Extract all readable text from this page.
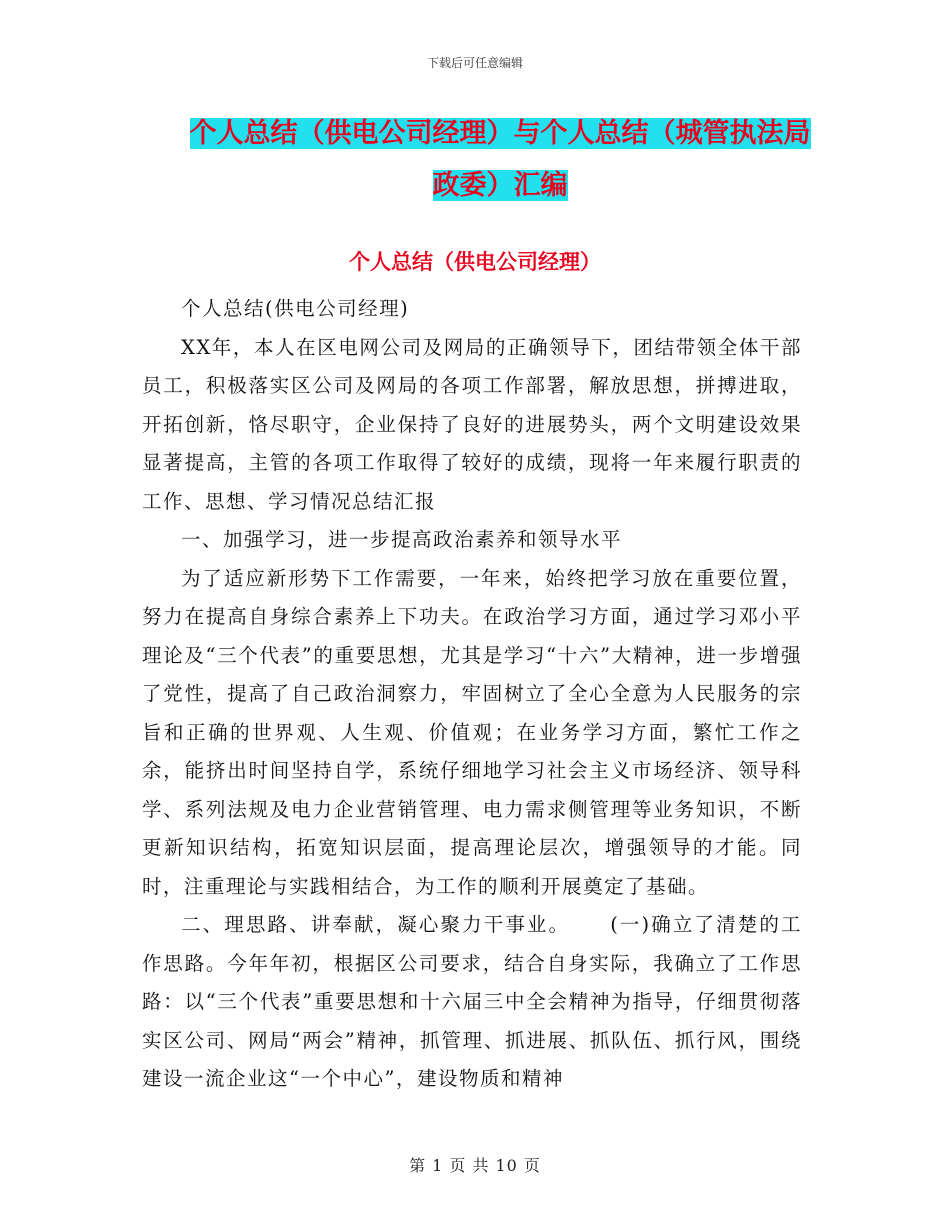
下载后可任意编辑
个人总结（供电公司经理）与个人总结（城管执法局
政委）汇编
个人总结（供电公司经理）

个人总结(供电公司经理)

XX年，本人在区电网公司及网局的正确领导下，团结带领全体干部员工，积极落实区公司及网局的各项工作部署，解放思想，拼搏进取，开拓创新，恪尽职守，企业保持了良好的进展势头，两个文明建设效果显著提高，主管的各项工作取得了较好的成绩，现将一年来履行职责的工作、思想、学习情况总结汇报

一、加强学习，进一步提高政治素养和领导水平

为了适应新形势下工作需要，一年来，始终把学习放在重要位置，努力在提高自身综合素养上下功夫。在政治学习方面，通过学习邓小平理论及“三个代表”的重要思想，尤其是学习“十六”大精神，进一步增强了党性，提高了自己政治洞察力，牢固树立了全心全意为人民服务的宗旨和正确的世界观、人生观、价值观；在业务学习方面，繁忙工作之余，能挤出时间坚持自学，系统仔细地学习社会主义市场经济、领导科学、系列法规及电力企业营销管理、电力需求侧管理等业务知识，不断更新知识结构，拓宽知识层面，提高理论层次，增强领导的才能。同时，注重理论与实践相结合，为工作的顺利开展奠定了基础。

二、理思路、讲奉献，凝心聚力干事业。 (一)确立了清楚的工作思路。今年年初，根据区公司要求，结合自身实际，我确立了工作思路：以“三个代表”重要思想和十六届三中全会精神为指导，仔细贯彻落实区公司、网局“两会”精神，抓管理、抓进展、抓队伍、抓行风，围绕建设一流企业这“一个中心”，建设物质和精神

第 1 页 共 10 页
